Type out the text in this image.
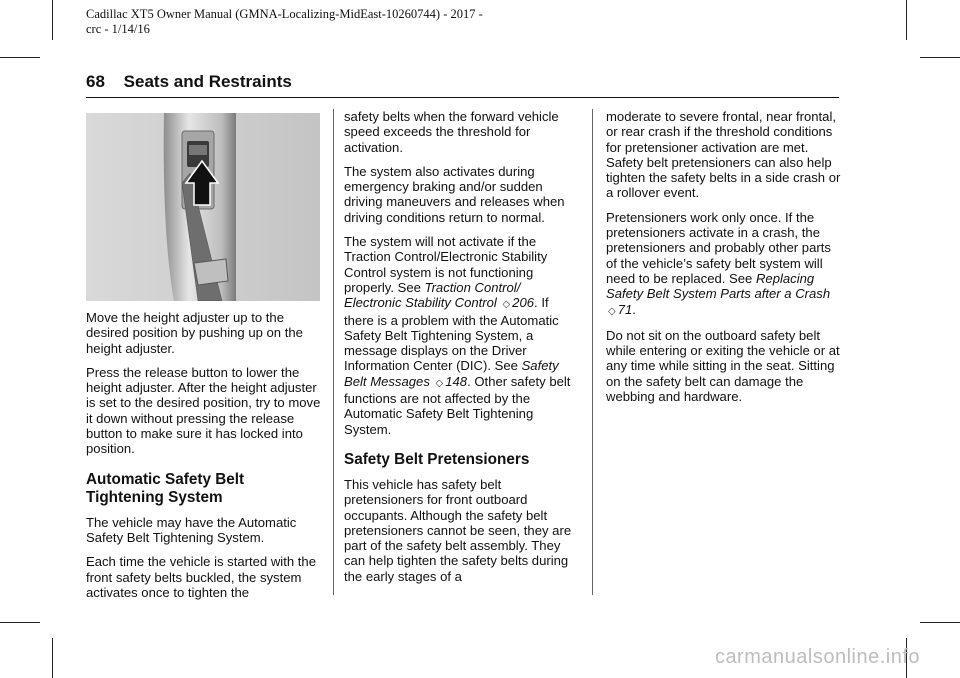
Cadillac XT5 Owner Manual (GMNA-Localizing-MidEast-10260744) - 2017 -
crc - 1/14/16
68 Seats and Restraints

Move the height adjuster up to the desired position by pushing up on the height adjuster.

Press the release button to lower the height adjuster. After the height adjuster is set to the desired position, try to move it down without pressing the release button to make sure it has locked into position.

Automatic Safety Belt Tightening System

The vehicle may have the Automatic Safety Belt Tightening System.

Each time the vehicle is started with the front safety belts buckled, the system activates once to tighten the

safety belts when the forward vehicle speed exceeds the threshold for activation.

The system also activates during emergency braking and/or sudden driving maneuvers and releases when driving conditions return to normal.

The system will not activate if the Traction Control/Electronic Stability Control system is not functioning properly. See Traction Control/ Electronic Stability Control ◇ 206. If there is a problem with the Automatic Safety Belt Tightening System, a message displays on the Driver Information Center (DIC). See Safety Belt Messages ◇ 148. Other safety belt functions are not affected by the Automatic Safety Belt Tightening System.

Safety Belt Pretensioners

This vehicle has safety belt pretensioners for front outboard occupants. Although the safety belt pretensioners cannot be seen, they are part of the safety belt assembly. They can help tighten the safety belts during the early stages of a

moderate to severe frontal, near frontal, or rear crash if the threshold conditions for pretensioner activation are met. Safety belt pretensioners can also help tighten the safety belts in a side crash or a rollover event.

Pretensioners work only once. If the pretensioners activate in a crash, the pretensioners and probably other parts of the vehicle’s safety belt system will need to be replaced. See Replacing Safety Belt System Parts after a Crash ◇ 71.

Do not sit on the outboard safety belt while entering or exiting the vehicle or at any time while sitting in the seat. Sitting on the safety belt can damage the webbing and hardware.

carmanualsonline.info
